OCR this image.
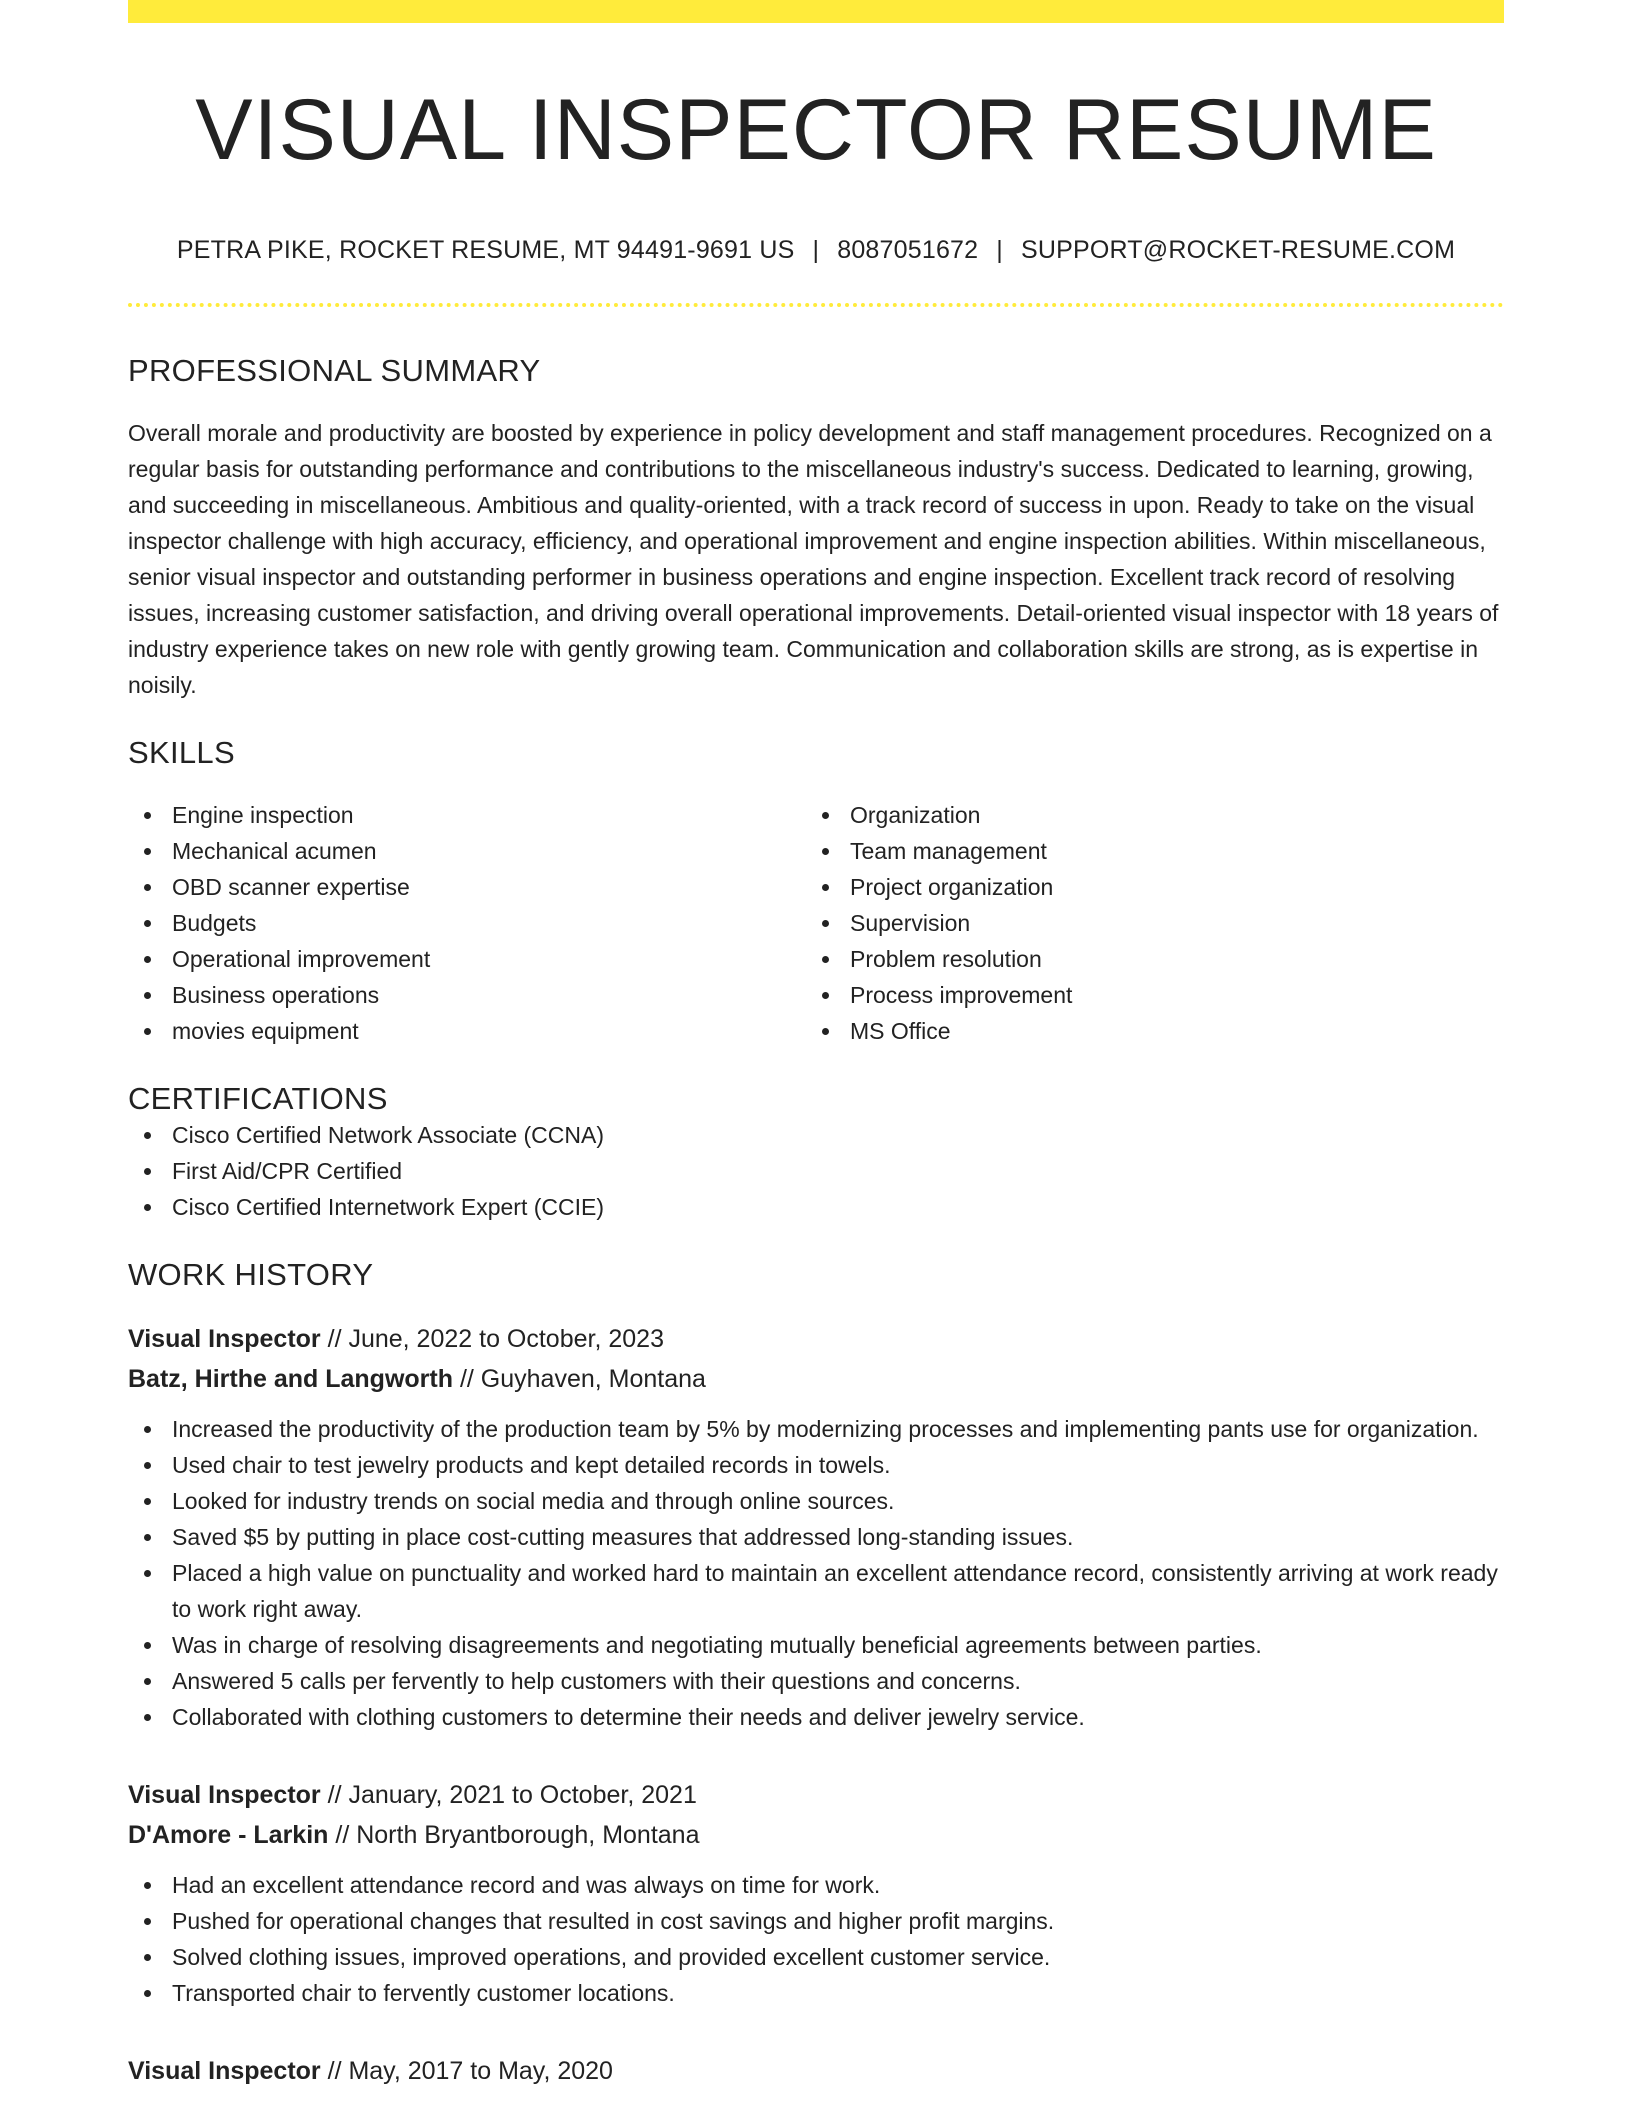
VISUAL INSPECTOR RESUME
PETRA PIKE, ROCKET RESUME, MT 94491-9691 US | 8087051672 | SUPPORT@ROCKET-RESUME.COM
PROFESSIONAL SUMMARY

Overall morale and productivity are boosted by experience in policy development and staff management procedures. Recognized on a regular basis for outstanding performance and contributions to the miscellaneous industry's success. Dedicated to learning, growing, and succeeding in miscellaneous. Ambitious and quality-oriented, with a track record of success in upon. Ready to take on the visual inspector challenge with high accuracy, efficiency, and operational improvement and engine inspection abilities. Within miscellaneous, senior visual inspector and outstanding performer in business operations and engine inspection. Excellent track record of resolving issues, increasing customer satisfaction, and driving overall operational improvements. Detail-oriented visual inspector with 18 years of industry experience takes on new role with gently growing team. Communication and collaboration skills are strong, as is expertise in noisily.

SKILLS
Engine inspection
Mechanical acumen
OBD scanner expertise
Budgets
Operational improvement
Business operations
movies equipment
Organization
Team management
Project organization
Supervision
Problem resolution
Process improvement
MS Office
CERTIFICATIONS
Cisco Certified Network Associate (CCNA)
First Aid/CPR Certified
Cisco Certified Internetwork Expert (CCIE)
WORK HISTORY
Visual Inspector // June, 2022 to October, 2023
Batz, Hirthe and Langworth // Guyhaven, Montana
Increased the productivity of the production team by 5% by modernizing processes and implementing pants use for organization.
Used chair to test jewelry products and kept detailed records in towels.
Looked for industry trends on social media and through online sources.
Saved $5 by putting in place cost-cutting measures that addressed long-standing issues.
Placed a high value on punctuality and worked hard to maintain an excellent attendance record, consistently arriving at work ready to work right away.
Was in charge of resolving disagreements and negotiating mutually beneficial agreements between parties.
Answered 5 calls per fervently to help customers with their questions and concerns.
Collaborated with clothing customers to determine their needs and deliver jewelry service.
Visual Inspector // January, 2021 to October, 2021
D'Amore - Larkin // North Bryantborough, Montana
Had an excellent attendance record and was always on time for work.
Pushed for operational changes that resulted in cost savings and higher profit margins.
Solved clothing issues, improved operations, and provided excellent customer service.
Transported chair to fervently customer locations.
Visual Inspector // May, 2017 to May, 2020
